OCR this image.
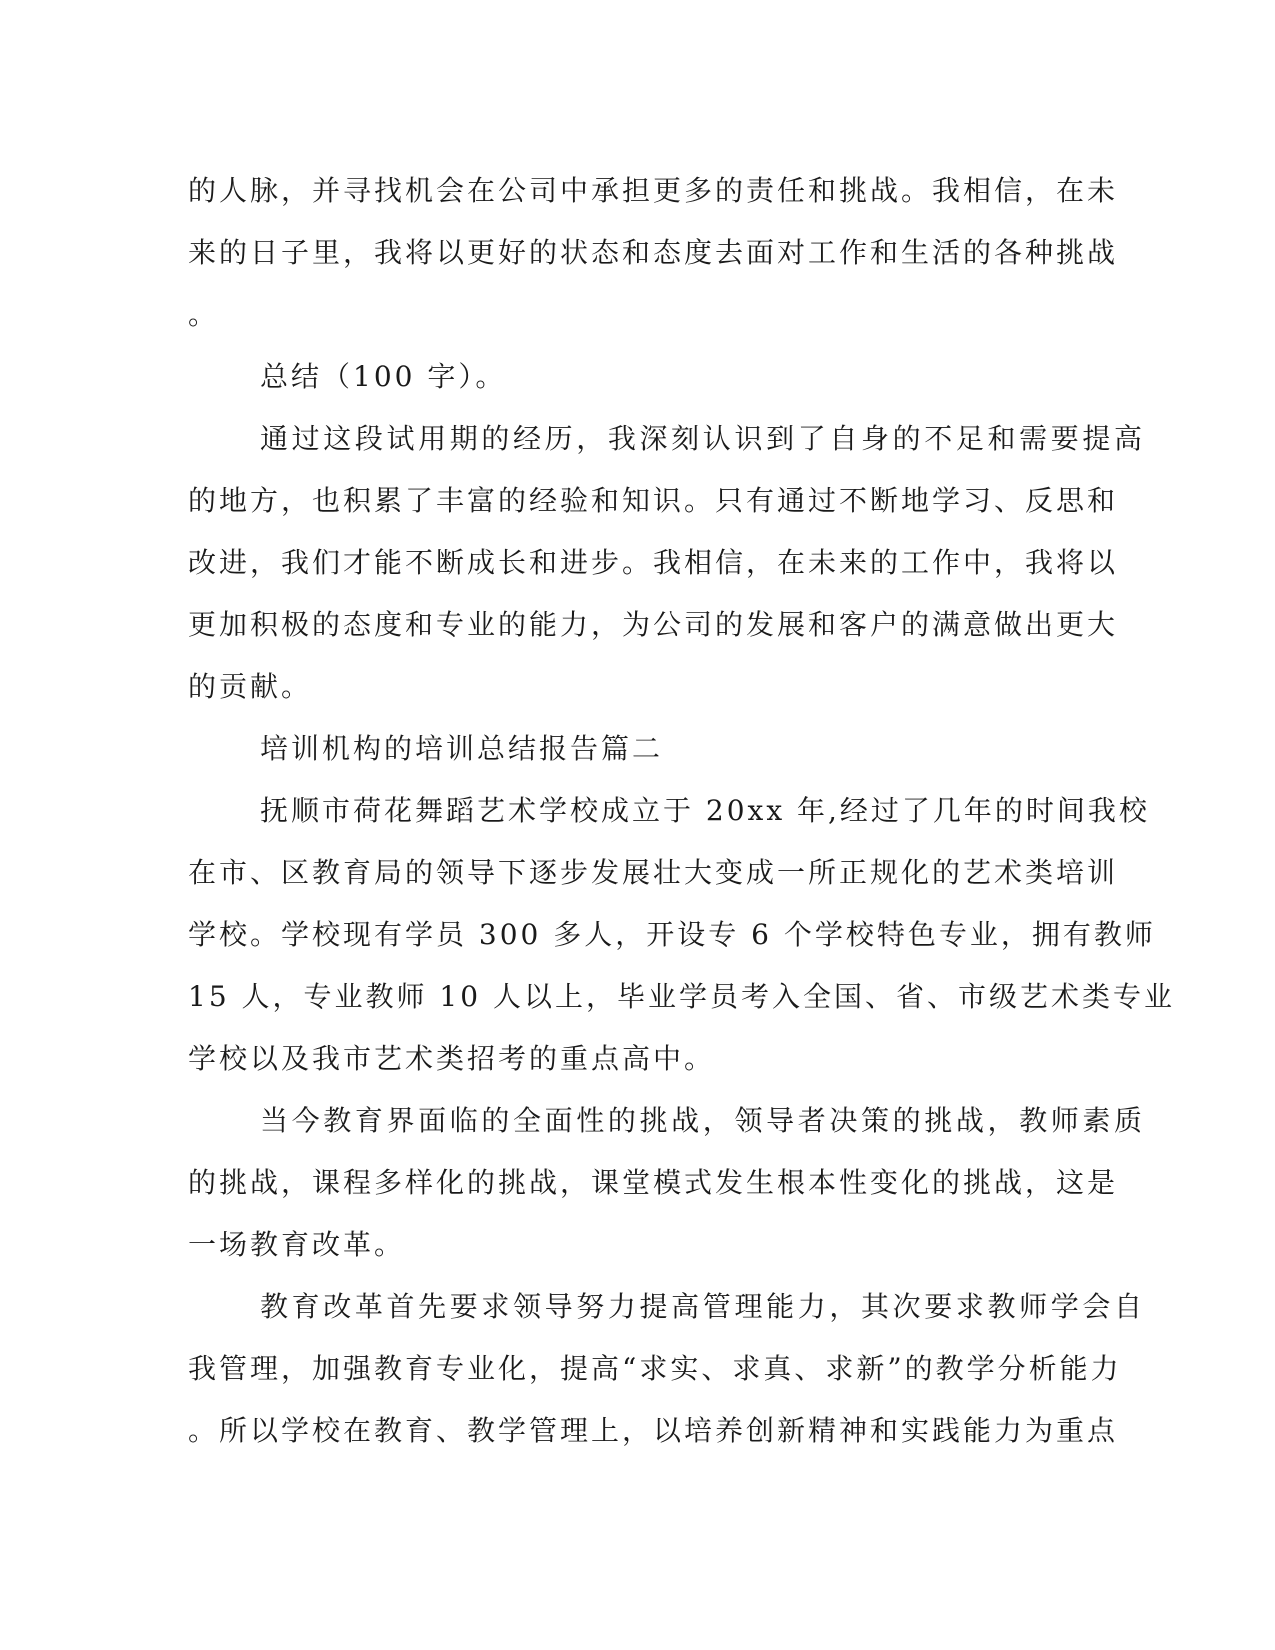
的人脉，并寻找机会在公司中承担更多的责任和挑战。我相信，在未
来的日子里，我将以更好的状态和态度去面对工作和生活的各种挑战
。
总结（100 字）。
通过这段试用期的经历，我深刻认识到了自身的不足和需要提高
的地方，也积累了丰富的经验和知识。只有通过不断地学习、反思和
改进，我们才能不断成长和进步。我相信，在未来的工作中，我将以
更加积极的态度和专业的能力，为公司的发展和客户的满意做出更大
的贡献。
培训机构的培训总结报告篇二
抚顺市荷花舞蹈艺术学校成立于 20xx 年,经过了几年的时间我校
在市、区教育局的领导下逐步发展壮大变成一所正规化的艺术类培训
学校。学校现有学员 300 多人，开设专 6 个学校特色专业，拥有教师
15 人，专业教师 10 人以上，毕业学员考入全国、省、市级艺术类专业
学校以及我市艺术类招考的重点高中。
当今教育界面临的全面性的挑战，领导者决策的挑战，教师素质
的挑战，课程多样化的挑战，课堂模式发生根本性变化的挑战，这是
一场教育改革。
教育改革首先要求领导努力提高管理能力，其次要求教师学会自
我管理，加强教育专业化，提高“求实、求真、求新”的教学分析能力
。所以学校在教育、教学管理上，以培养创新精神和实践能力为重点
